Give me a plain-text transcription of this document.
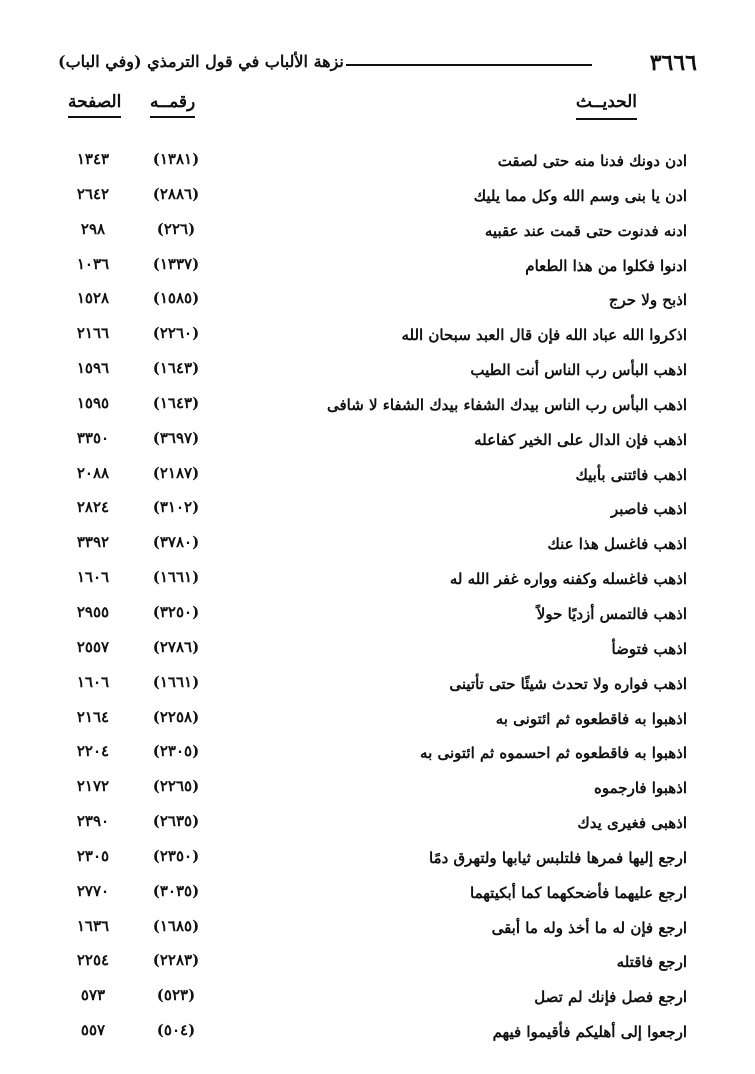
٣٦٦٦
نزهة الألباب في قول الترمذي (وفي الباب)
الحديــث
رقمــه
الصفحة
ادن دونك فدنا منه حتى لصقت
(١٣٨١)
١٣٤٣
ادن يا بنى وسم الله وكل مما يليك
(٢٨٨٦)
٢٦٤٢
ادنه فدنوت حتى قمت عند عقبيه
(٢٢٦)
٢٩٨
ادنوا فكلوا من هذا الطعام
(١٣٣٧)
١٠٣٦
اذبح ولا حرج
(١٥٨٥)
١٥٢٨
اذكروا الله عباد الله فإن قال العبد سبحان الله
(٢٢٦٠)
٢١٦٦
اذهب البأس رب الناس أنت الطيب
(١٦٤٣)
١٥٩٦
اذهب البأس رب الناس بيدك الشفاء بيدك الشفاء لا شافى
(١٦٤٣)
١٥٩٥
اذهب فإن الدال على الخير كفاعله
(٣٦٩٧)
٣٣٥٠
اذهب فائتنى بأبيك
(٢١٨٧)
٢٠٨٨
اذهب فاصبر
(٣١٠٢)
٢٨٢٤
اذهب فاغسل هذا عنك
(٣٧٨٠)
٣٣٩٢
اذهب فاغسله وكفنه وواره غفر الله له
(١٦٦١)
١٦٠٦
اذهب فالتمس أزديًا حولاً
(٣٢٥٠)
٢٩٥٥
اذهب فتوضأ
(٢٧٨٦)
٢٥٥٧
اذهب فواره ولا تحدث شيئًا حتى تأتينى
(١٦٦١)
١٦٠٦
اذهبوا به فاقطعوه ثم ائتونى به
(٢٢٥٨)
٢١٦٤
اذهبوا به فاقطعوه ثم احسموه ثم ائتونى به
(٢٣٠٥)
٢٢٠٤
اذهبوا فارجموه
(٢٢٦٥)
٢١٧٢
اذهبى فغيرى يدك
(٢٦٣٥)
٢٣٩٠
ارجع إليها فمرها فلتلبس ثيابها ولتهرق دمًا
(٢٣٥٠)
٢٣٠٥
ارجع عليهما فأضحكهما كما أبكيتهما
(٣٠٣٥)
٢٧٧٠
ارجع فإن له ما أخذ وله ما أبقى
(١٦٨٥)
١٦٣٦
ارجع فاقتله
(٢٢٨٣)
٢٢٥٤
ارجع فصل فإنك لم تصل
(٥٢٣)
٥٧٣
ارجعوا إلى أهليكم فأقيموا فيهم
(٥٠٤)
٥٥٧
